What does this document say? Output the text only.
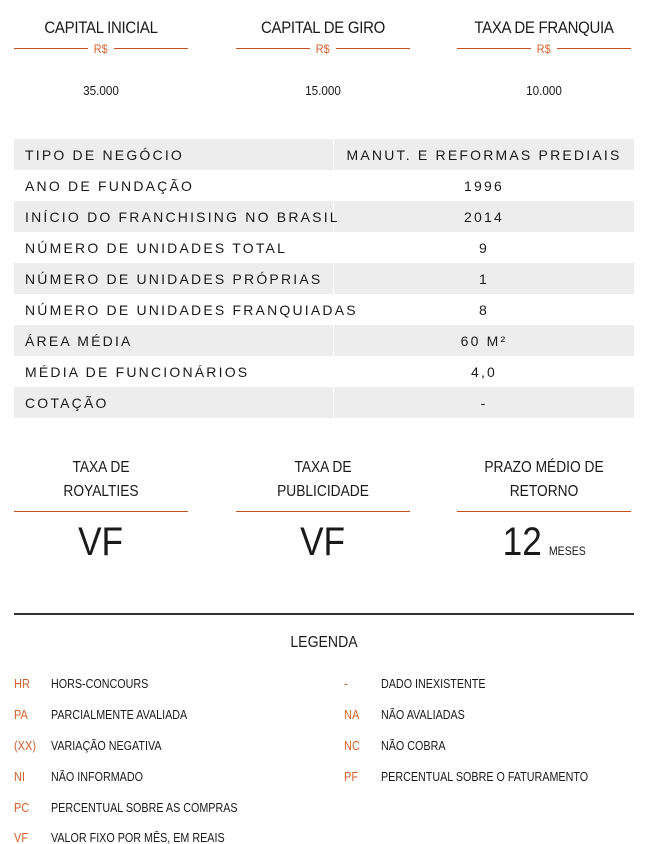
CAPITAL INICIAL
R$
35.000
CAPITAL DE GIRO
R$
15.000
TAXA DE FRANQUIA
R$
10.000
TIPO DE NEGÓCIO	MANUT. E REFORMAS PREDIAIS
ANO DE FUNDAÇÃO	1996
INÍCIO DO FRANCHISING NO BRASIL	2014
NÚMERO DE UNIDADES TOTAL	9
NÚMERO DE UNIDADES PRÓPRIAS	1
NÚMERO DE UNIDADES FRANQUIADAS	8
ÁREA MÉDIA	60 M²
MÉDIA DE FUNCIONÁRIOS	4,0
COTAÇÃO	-
TAXA DE
ROYALTIES
VF
TAXA DE
PUBLICIDADE
VF
PRAZO MÉDIO DE
RETORNO
12 MESES
LEGENDA
HR	HORS-CONCOURS
PA	PARCIALMENTE AVALIADA
(XX)	VARIAÇÃO NEGATIVA
NI	NÃO INFORMADO
PC	PERCENTUAL SOBRE AS COMPRAS
VF	VALOR FIXO POR MÊS, EM REAIS
-	DADO INEXISTENTE
NA	NÃO AVALIADAS
NC	NÃO COBRA
PF	PERCENTUAL SOBRE O FATURAMENTO
